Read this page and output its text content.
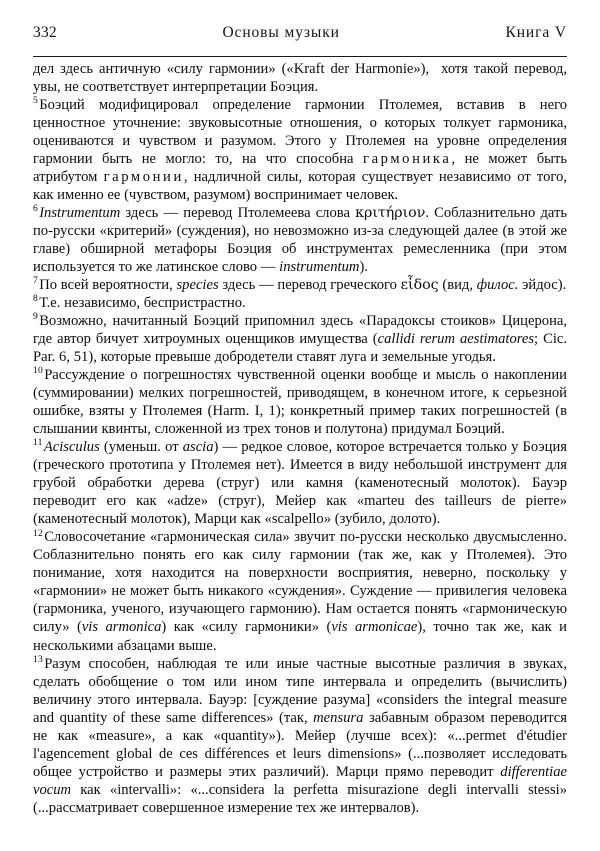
332	Основы музыки	Книга V

дел здесь античную «силу гармонии» («Kraft der Harmonie»),  хотя такой перевод, увы, не соответствует интерпретации Боэция.

$^5$Боэций модифицировал определение гармонии Птолемея, вставив в него ценностное уточнение: звуковысотные отношения, о которых толкует гармоника, оцениваются и чувством и разумом. Этого у Птолемея на уровне определения гармонии быть не могло: то, на что способна гармоника, не может быть атрибутом гармонии, надличной силы, которая существует независимо от того, как именно ее (чувством, разумом) воспринимает человек.

$^6$Instrumentum здесь — перевод Птолемеева слова κριτήριον. Соблазнительно дать по-русски «критерий» (суждения), но невозможно из-за следующей далее (в этой же главе) обширной метафоры Боэция об инструментах ремесленника (при этом используется то же латинское слово — instrumentum).

$^7$По всей вероятности, species здесь — перевод греческого εἶδος (вид, филос. эйдос).

$^8$Т.е. независимо, беспристрастно.

$^9$Возможно, начитанный Боэций припомнил здесь «Парадоксы стоиков» Цицерона, где автор бичует хитроумных оценщиков имущества (callidi rerum aestimatores; Cic. Par. 6, 51), которые превыше добродетели ставят луга и земельные угодья.

$^{10}$Рассуждение о погрешностях чувственной оценки вообще и мысль о накоплении (суммировании) мелких погрешностей, приводящем, в конечном итоге, к серьезной ошибке, взяты у Птолемея (Harm. I, 1); конкретный пример таких погрешностей (в слышании квинты, сложенной из трех тонов и полутона) придумал Боэций.

$^{11}$Acisculus (уменьш. от ascia) — редкое словое, которое встречается только у Боэция (греческого прототипа у Птолемея нет). Имеется в виду небольшой инструмент для грубой обработки дерева (струг) или камня (каменотесный молоток). Бауэр переводит его как «adze» (струг), Мейер как «marteu des tailleurs de pierre» (каменотесный молоток), Марци как «scalpello» (зубило, долото).

$^{12}$Словосочетание «гармоническая сила» звучит по-русски несколько двусмысленно. Соблазнительно понять его как силу гармонии (так же, как у Птолемея). Это понимание, хотя находится на поверхности восприятия, неверно, поскольку у «гармонии» не может быть никакого «суждения». Суждение — привилегия человека (гармоника, ученого, изучающего гармонию). Нам остается понять «гармоническую силу» (vis armonica) как «силу гармоники» (vis armonicae), точно так же, как и несколькими абзацами выше.

$^{13}$Разум способен, наблюдая те или иные частные высотные различия в звуках, сделать обобщение о том или ином типе интервала и определить (вычислить) величину этого интервала. Бауэр: [суждение разума] «considers the integral measure and quantity of these same differences» (так, mensura забавным образом переводится не как «measure», а как «quantity»). Мейер (лучше всех): «...permet d'étudier l'agencement global de ces différences et leurs dimensions» (...позволяет исследовать общее устройство и размеры этих различий). Марци прямо переводит differentiae vocum как «intervalli»: «...considera la perfetta misurazione degli intervalli stessi» (...рассматривает совершенное измерение тех же интервалов).
